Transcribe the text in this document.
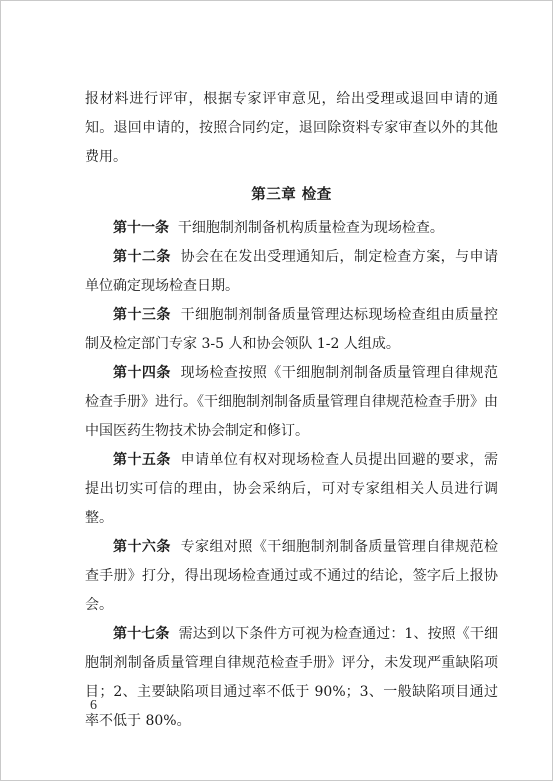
报材料进行评审，根据专家评审意见，给出受理或退回申请的通知。退回申请的，按照合同约定，退回除资料专家审查以外的其他费用。

第三章 检查

第十一条 干细胞制剂制备机构质量检查为现场检查。

第十二条 协会在在发出受理通知后，制定检查方案，与申请单位确定现场检查日期。

第十三条 干细胞制剂制备质量管理达标现场检查组由质量控制及检定部门专家 3-5 人和协会领队 1-2 人组成。

第十四条 现场检查按照《干细胞制剂制备质量管理自律规范检查手册》进行。《干细胞制剂制备质量管理自律规范检查手册》由中国医药生物技术协会制定和修订。

第十五条 申请单位有权对现场检查人员提出回避的要求，需提出切实可信的理由，协会采纳后，可对专家组相关人员进行调整。

第十六条 专家组对照《干细胞制剂制备质量管理自律规范检查手册》打分，得出现场检查通过或不通过的结论，签字后上报协会。

第十七条 需达到以下条件方可视为检查通过：1、按照《干细胞制剂制备质量管理自律规范检查手册》评分，未发现严重缺陷项目；2、主要缺陷项目通过率不低于 90%；3、一般缺陷项目通过率不低于 80%。

6
